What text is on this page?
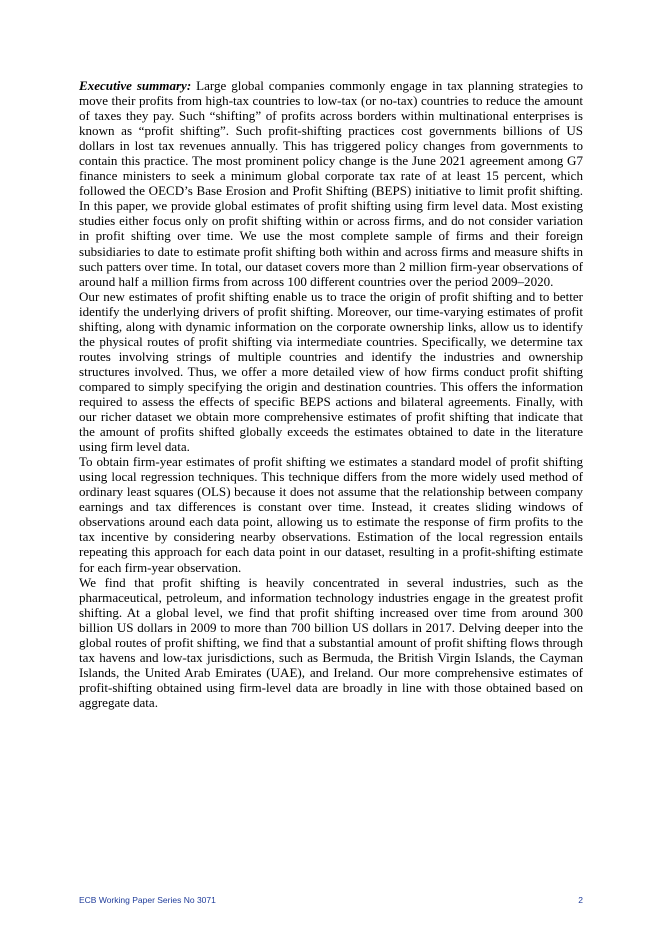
Executive summary: Large global companies commonly engage in tax planning strategies to move their profits from high-tax countries to low-tax (or no-tax) countries to reduce the amount of taxes they pay. Such “shifting” of profits across borders within multinational enterprises is known as “profit shifting”. Such profit-shifting practices cost governments billions of US dollars in lost tax revenues annually. This has triggered policy changes from governments to contain this practice. The most prominent policy change is the June 2021 agreement among G7 finance ministers to seek a minimum global corporate tax rate of at least 15 percent, which followed the OECD’s Base Erosion and Profit Shifting (BEPS) initiative to limit profit shifting. In this paper, we provide global estimates of profit shifting using firm level data. Most existing studies either focus only on profit shifting within or across firms, and do not consider variation in profit shifting over time. We use the most complete sample of firms and their foreign subsidiaries to date to estimate profit shifting both within and across firms and measure shifts in such patters over time. In total, our dataset covers more than 2 million firm-year observations of around half a million firms from across 100 different countries over the period 2009–2020.

Our new estimates of profit shifting enable us to trace the origin of profit shifting and to better identify the underlying drivers of profit shifting. Moreover, our time-varying estimates of profit shifting, along with dynamic information on the corporate ownership links, allow us to identify the physical routes of profit shifting via intermediate countries. Specifically, we determine tax routes involving strings of multiple countries and identify the industries and ownership structures involved. Thus, we offer a more detailed view of how firms conduct profit shifting compared to simply specifying the origin and destination countries. This offers the information required to assess the effects of specific BEPS actions and bilateral agreements. Finally, with our richer dataset we obtain more comprehensive estimates of profit shifting that indicate that the amount of profits shifted globally exceeds the estimates obtained to date in the literature using firm level data.

To obtain firm-year estimates of profit shifting we estimates a standard model of profit shifting using local regression techniques. This technique differs from the more widely used method of ordinary least squares (OLS) because it does not assume that the relationship between company earnings and tax differences is constant over time. Instead, it creates sliding windows of observations around each data point, allowing us to estimate the response of firm profits to the tax incentive by considering nearby observations. Estimation of the local regression entails repeating this approach for each data point in our dataset, resulting in a profit-shifting estimate for each firm-year observation.

We find that profit shifting is heavily concentrated in several industries, such as the pharmaceutical, petroleum, and information technology industries engage in the greatest profit shifting. At a global level, we find that profit shifting increased over time from around 300 billion US dollars in 2009 to more than 700 billion US dollars in 2017. Delving deeper into the global routes of profit shifting, we find that a substantial amount of profit shifting flows through tax havens and low-tax jurisdictions, such as Bermuda, the British Virgin Islands, the Cayman Islands, the United Arab Emirates (UAE), and Ireland. Our more comprehensive estimates of profit-shifting obtained using firm-level data are broadly in line with those obtained based on aggregate data.

ECB Working Paper Series No 3071	2
